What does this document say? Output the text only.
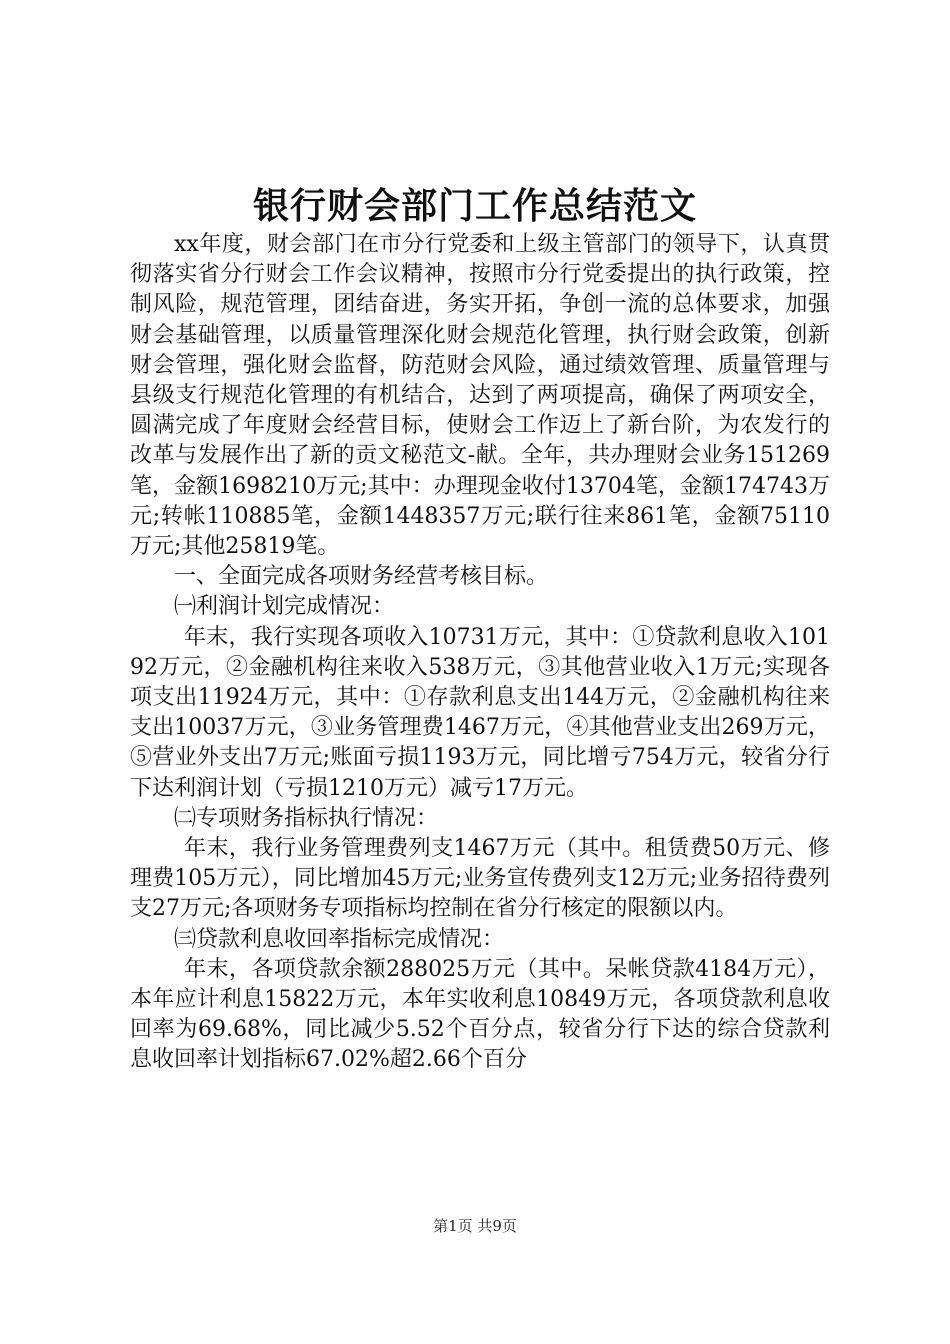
银行财会部门工作总结范文

xx年度，财会部门在市分行党委和上级主管部门的领导下，认真贯彻落实省分行财会工作会议精神，按照市分行党委提出的执行政策，控制风险，规范管理，团结奋进，务实开拓，争创一流的总体要求，加强财会基础管理，以质量管理深化财会规范化管理，执行财会政策，创新财会管理，强化财会监督，防范财会风险，通过绩效管理、质量管理与县级支行规范化管理的有机结合，达到了两项提高，确保了两项安全，圆满完成了年度财会经营目标，使财会工作迈上了新台阶，为农发行的改革与发展作出了新的贡文秘范文-献。全年，共办理财会业务151269笔，金额1698210万元;其中：办理现金收付13704笔，金额174743万元;转帐110885笔，金额1448357万元;联行往来861笔，金额75110万元;其他25819笔。

一、全面完成各项财务经营考核目标。

㈠利润计划完成情况：

年末，我行实现各项收入10731万元，其中：①贷款利息收入10192万元，②金融机构往来收入538万元，③其他营业收入1万元;实现各项支出11924万元，其中：①存款利息支出144万元，②金融机构往来支出10037万元，③业务管理费1467万元，④其他营业支出269万元，⑤营业外支出7万元;账面亏损1193万元，同比增亏754万元，较省分行下达利润计划（亏损1210万元）减亏17万元。

㈡专项财务指标执行情况：

年末，我行业务管理费列支1467万元（其中。租赁费50万元、修理费105万元），同比增加45万元;业务宣传费列支12万元;业务招待费列支27万元;各项财务专项指标均控制在省分行核定的限额以内。

㈢贷款利息收回率指标完成情况：

年末，各项贷款余额288025万元（其中。呆帐贷款4184万元），本年应计利息15822万元，本年实收利息10849万元，各项贷款利息收回率为69.68%，同比减少5.52个百分点，较省分行下达的综合贷款利息收回率计划指标67.02%超2.66个百分

第1页 共9页
